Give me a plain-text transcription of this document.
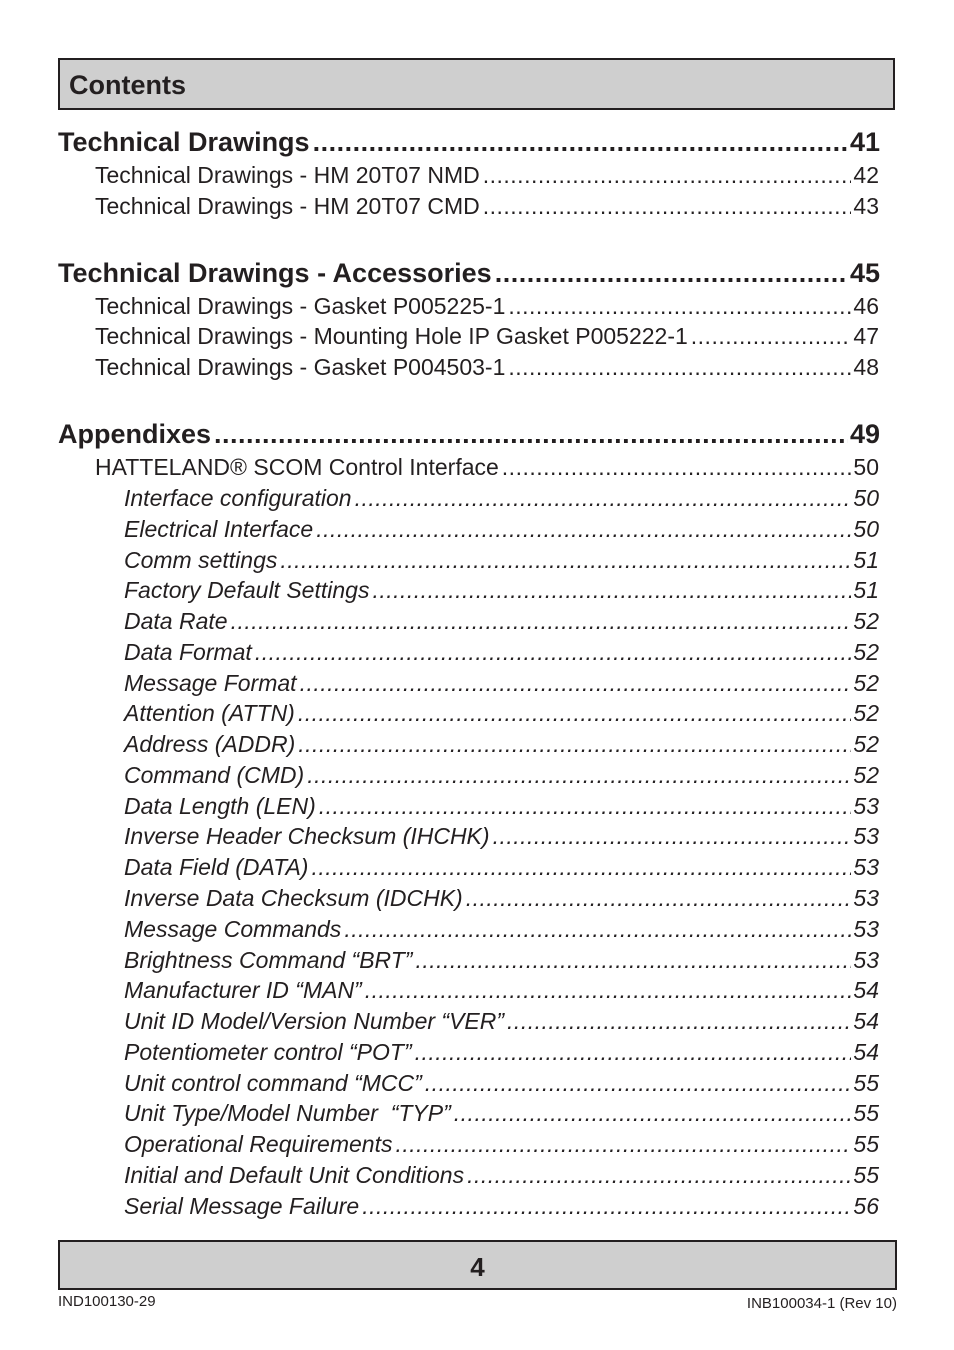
Contents
Technical Drawings .....	41
Technical Drawings - HM 20T07 NMD .....	42
Technical Drawings - HM 20T07 CMD .....	43
Technical Drawings - Accessories .....	45
Technical Drawings - Gasket P005225-1 .....	46
Technical Drawings - Mounting Hole IP Gasket P005222-1 .....	47
Technical Drawings - Gasket P004503-1 .....	48
Appendixes .....	49
HATTELAND® SCOM Control Interface .....	50
Interface configuration .....	50
Electrical Interface .....	50
Comm settings .....	51
Factory Default Settings .....	51
Data Rate .....	52
Data Format .....	52
Message Format .....	52
Attention (ATTN) .....	52
Address (ADDR) .....	52
Command (CMD) .....	52
Data Length (LEN) .....	53
Inverse Header Checksum (IHCHK) .....	53
Data Field (DATA) .....	53
Inverse Data Checksum (IDCHK) .....	53
Message Commands .....	53
Brightness Command “BRT” .....	53
Manufacturer ID “MAN” .....	54
Unit ID Model/Version Number “VER” .....	54
Potentiometer control “POT” .....	54
Unit control command “MCC” .....	55
Unit Type/Model Number  “TYP” .....	55
Operational Requirements .....	55
Initial and Default Unit Conditions .....	55
Serial Message Failure .....	56
4
IND100130-29	INB100034-1 (Rev 10)
